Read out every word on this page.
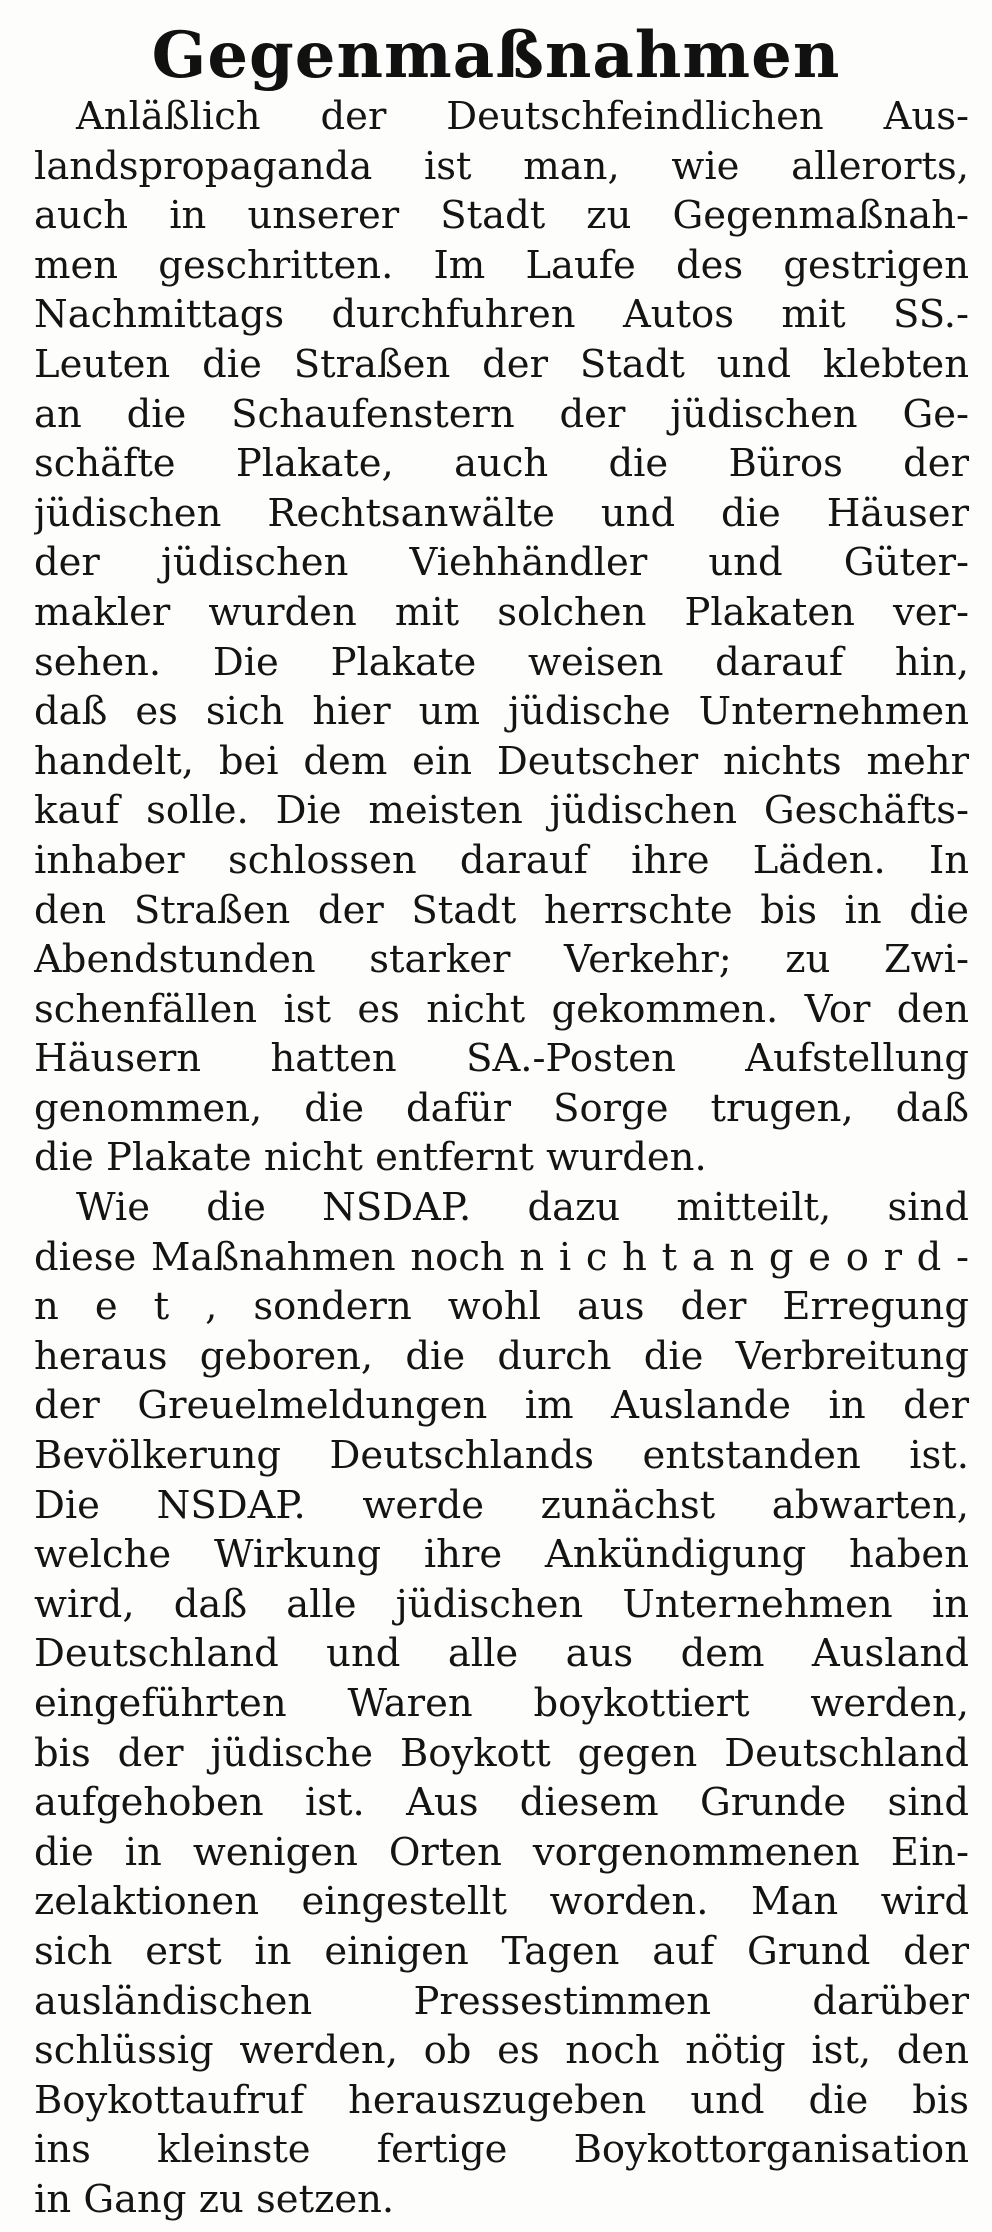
Gegenmaßnahmen
Anläßlich der Deutschfeindlichen Aus-
landspropaganda ist man, wie allerorts,
auch in unserer Stadt zu Gegenmaßnah-
men geschritten. Im Laufe des gestrigen
Nachmittags durchfuhren Autos mit SS.-
Leuten die Straßen der Stadt und klebten
an die Schaufenstern der jüdischen Ge-
schäfte Plakate, auch die Büros der
jüdischen Rechtsanwälte und die Häuser
der jüdischen Viehhändler und Güter-
makler wurden mit solchen Plakaten ver-
sehen. Die Plakate weisen darauf hin,
daß es sich hier um jüdische Unternehmen
handelt, bei dem ein Deutscher nichts mehr
kauf solle. Die meisten jüdischen Geschäfts-
inhaber schlossen darauf ihre Läden. In
den Straßen der Stadt herrschte bis in die
Abendstunden starker Verkehr; zu Zwi-
schenfällen ist es nicht gekommen. Vor den
Häusern hatten SA.-Posten Aufstellung
genommen, die dafür Sorge trugen, daß
die Plakate nicht entfernt wurden.
Wie die NSDAP. dazu mitteilt, sind
diese Maßnahmen noch n i c h t a n g e o r d -
n e t , sondern wohl aus der Erregung
heraus geboren, die durch die Verbreitung
der Greuelmeldungen im Auslande in der
Bevölkerung Deutschlands entstanden ist.
Die NSDAP. werde zunächst abwarten,
welche Wirkung ihre Ankündigung haben
wird, daß alle jüdischen Unternehmen in
Deutschland und alle aus dem Ausland
eingeführten Waren boykottiert werden,
bis der jüdische Boykott gegen Deutschland
aufgehoben ist. Aus diesem Grunde sind
die in wenigen Orten vorgenommenen Ein-
zelaktionen eingestellt worden. Man wird
sich erst in einigen Tagen auf Grund der
ausländischen Pressestimmen darüber
schlüssig werden, ob es noch nötig ist, den
Boykottaufruf herauszugeben und die bis
ins kleinste fertige Boykottorganisation
in Gang zu setzen.
